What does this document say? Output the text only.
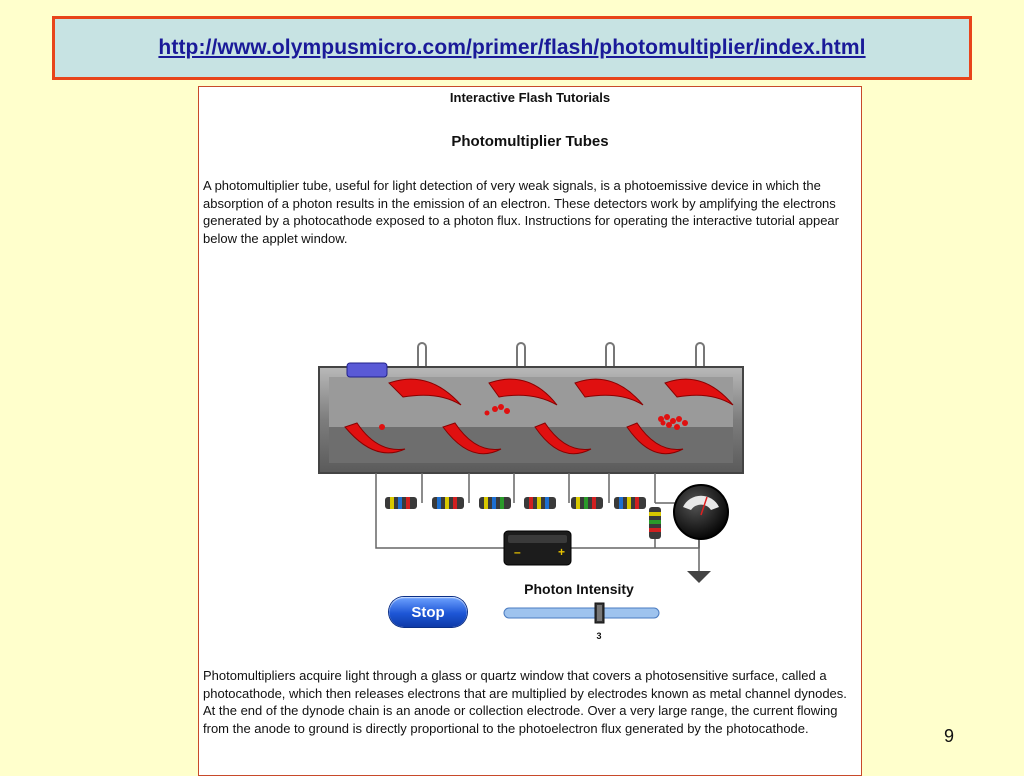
http://www.olympusmicro.com/primer/flash/photomultiplier/index.html
Interactive Flash Tutorials
Photomultiplier Tubes
A photomultiplier tube, useful for light detection of very weak signals, is a photoemissive device in which the absorption of a photon results in the emission of an electron. These detectors work by amplifying the electrons generated by a photocathode exposed to a photon flux. Instructions for operating the interactive tutorial appear below the applet window.
–	+
Stop
Photon Intensity
3
Photomultipliers acquire light through a glass or quartz window that covers a photosensitive surface, called a photocathode, which then releases electrons that are multiplied by electrodes known as metal channel dynodes. At the end of the dynode chain is an anode or collection electrode. Over a very large range, the current flowing from the anode to ground is directly proportional to the photoelectron flux generated by the photocathode.	9
